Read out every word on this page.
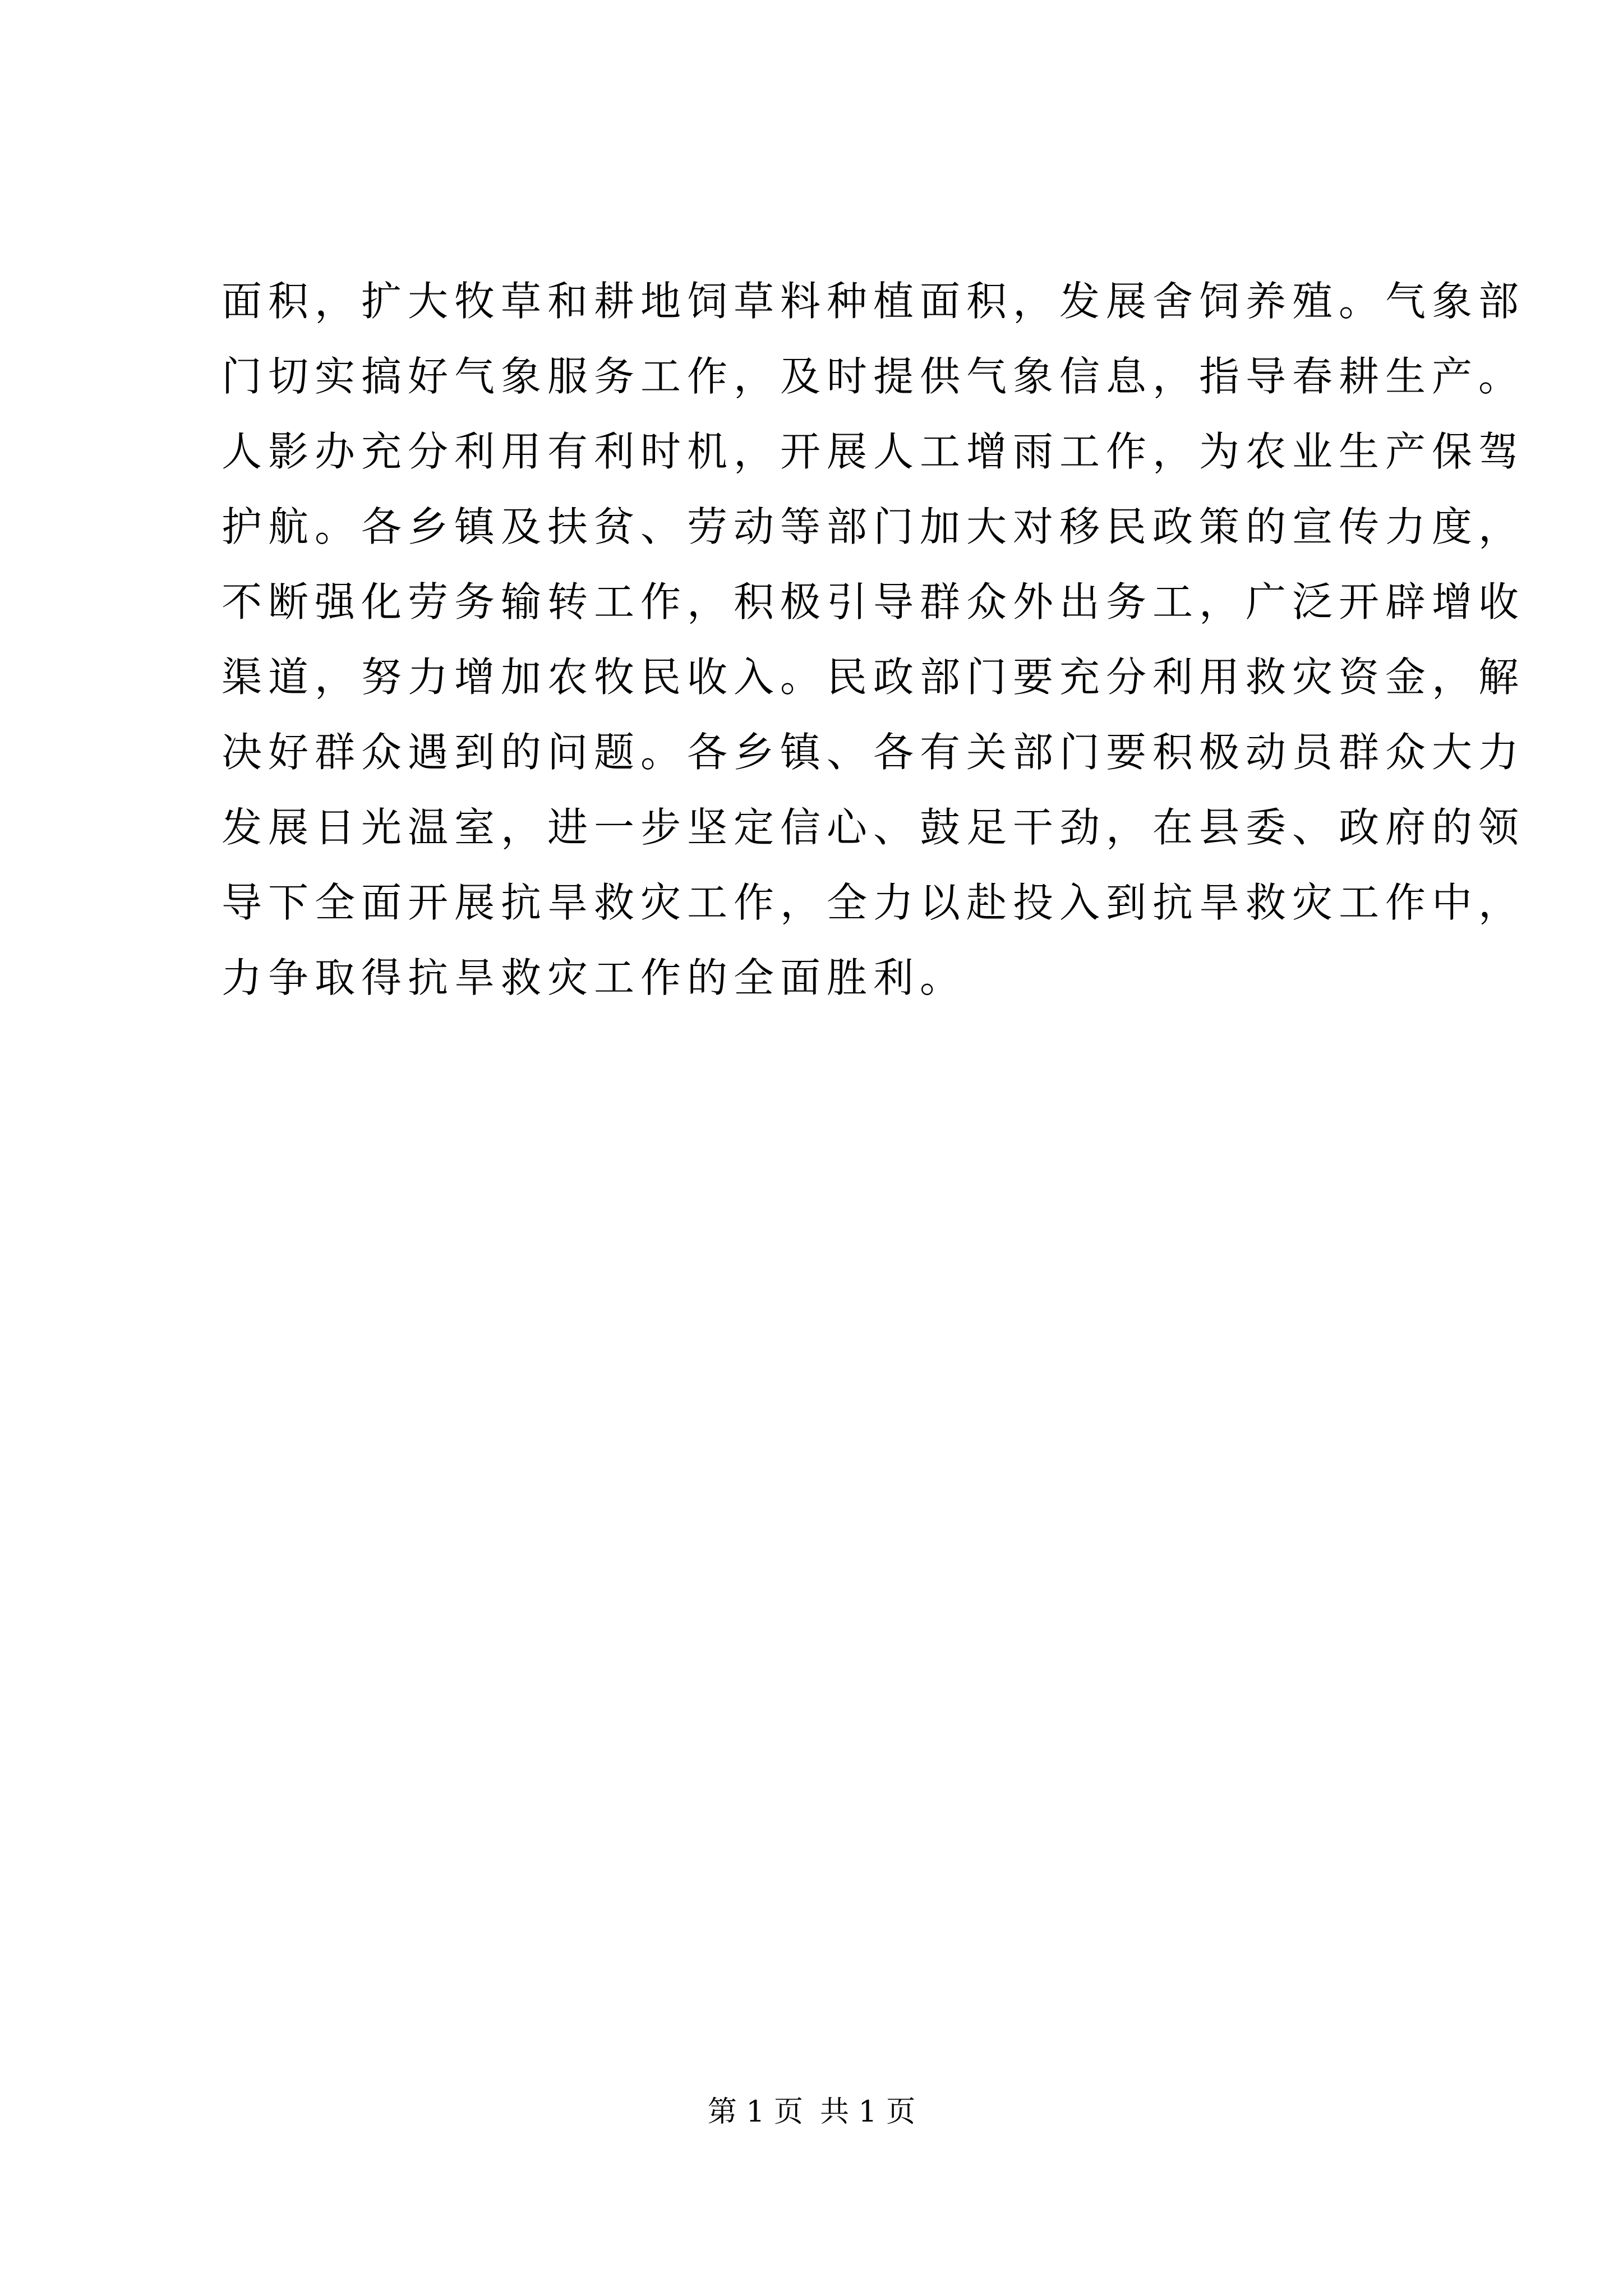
面积，扩大牧草和耕地饲草料种植面积，发展舍饲养殖。气象部
门切实搞好气象服务工作，及时提供气象信息，指导春耕生产。
人影办充分利用有利时机，开展人工增雨工作，为农业生产保驾
护航。各乡镇及扶贫、劳动等部门加大对移民政策的宣传力度，
不断强化劳务输转工作，积极引导群众外出务工，广泛开辟增收
渠道，努力增加农牧民收入。民政部门要充分利用救灾资金，解
决好群众遇到的问题。各乡镇、各有关部门要积极动员群众大力
发展日光温室，进一步坚定信心、鼓足干劲，在县委、政府的领
导下全面开展抗旱救灾工作，全力以赴投入到抗旱救灾工作中，
力争取得抗旱救灾工作的全面胜利。
第 1 页 共 1 页
